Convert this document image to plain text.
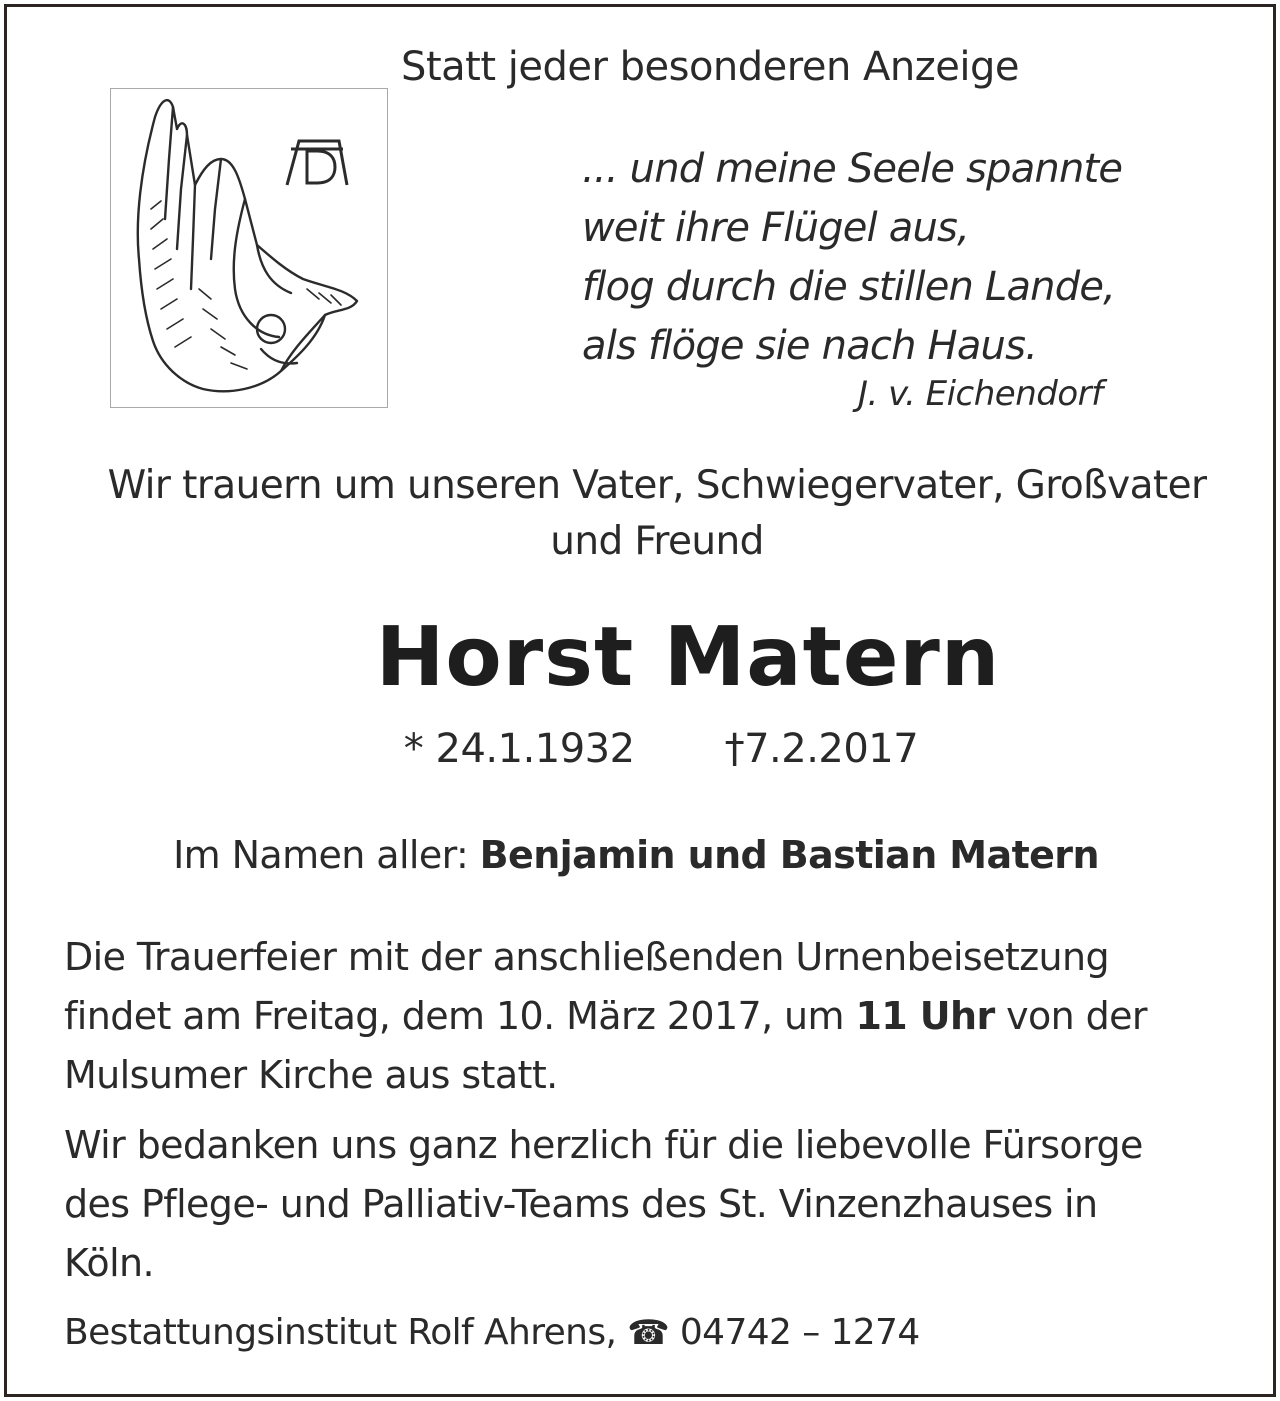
Statt jeder besonderen Anzeige
... und meine Seele spannte
weit ihre Flügel aus,
flog durch die stillen Lande,
als flöge sie nach Haus.
J. v. Eichendorf
Wir trauern um unseren Vater, Schwiegervater, Großvater
und Freund
Horst Matern
* 24.1.1932 †7.2.2017
Im Namen aller: Benjamin und Bastian Matern
Die Trauerfeier mit der anschließenden Urnenbeisetzung
findet am Freitag, dem 10. März 2017, um 11 Uhr von der
Mulsumer Kirche aus statt.
Wir bedanken uns ganz herzlich für die liebevolle Fürsorge
des Pflege- und Palliativ-Teams des St. Vinzenzhauses in
Köln.
Bestattungsinstitut Rolf Ahrens, ☎ 04742 – 1274
